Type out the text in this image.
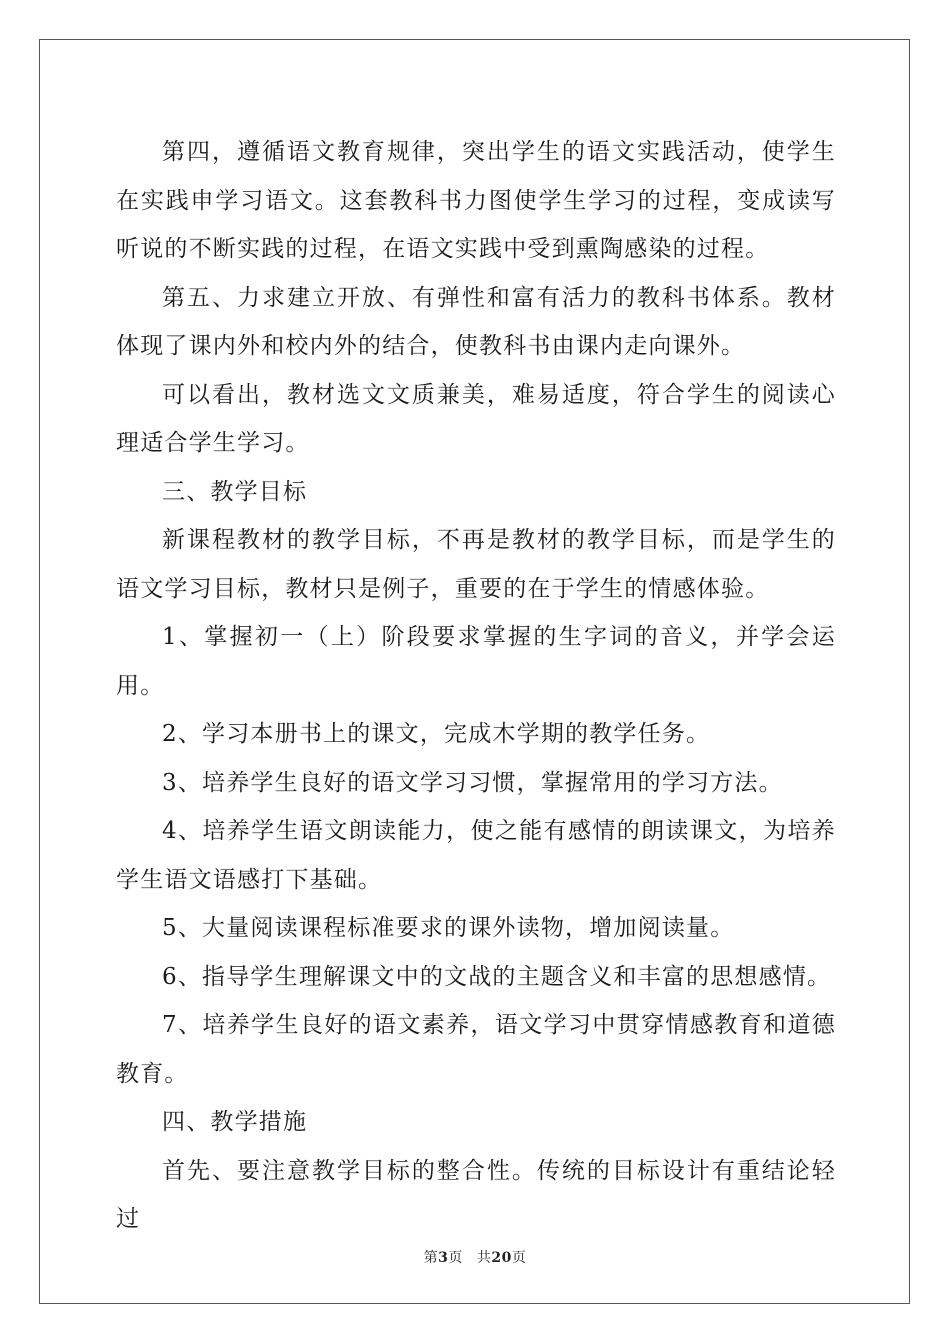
第四，遵循语文教育规律，突出学生的语文实践活动，使学生在实践申学习语文。这套教科书力图使学生学习的过程，变成读写听说的不断实践的过程，在语文实践中受到熏陶感染的过程。

第五、力求建立开放、有弹性和富有活力的教科书体系。教材体现了课内外和校内外的结合，使教科书由课内走向课外。

可以看出，教材选文文质兼美，难易适度，符合学生的阅读心理适合学生学习。

三、教学目标

新课程教材的教学目标，不再是教材的教学目标，而是学生的语文学习目标，教材只是例子，重要的在于学生的情感体验。

1、掌握初一（上）阶段要求掌握的生字词的音义，并学会运用。

2、学习本册书上的课文，完成木学期的教学任务。

3、培养学生良好的语文学习习惯，掌握常用的学习方法。

4、培养学生语文朗读能力，使之能有感情的朗读课文，为培养学生语文语感打下基础。

5、大量阅读课程标准要求的课外读物，增加阅读量。

6、指导学生理解课文中的文战的主题含义和丰富的思想感情。

7、培养学生良好的语文素养，语文学习中贯穿情感教育和道德教育。

四、教学措施

首先、要注意教学目标的整合性。传统的目标设计有重结论轻过

第3页 共20页
